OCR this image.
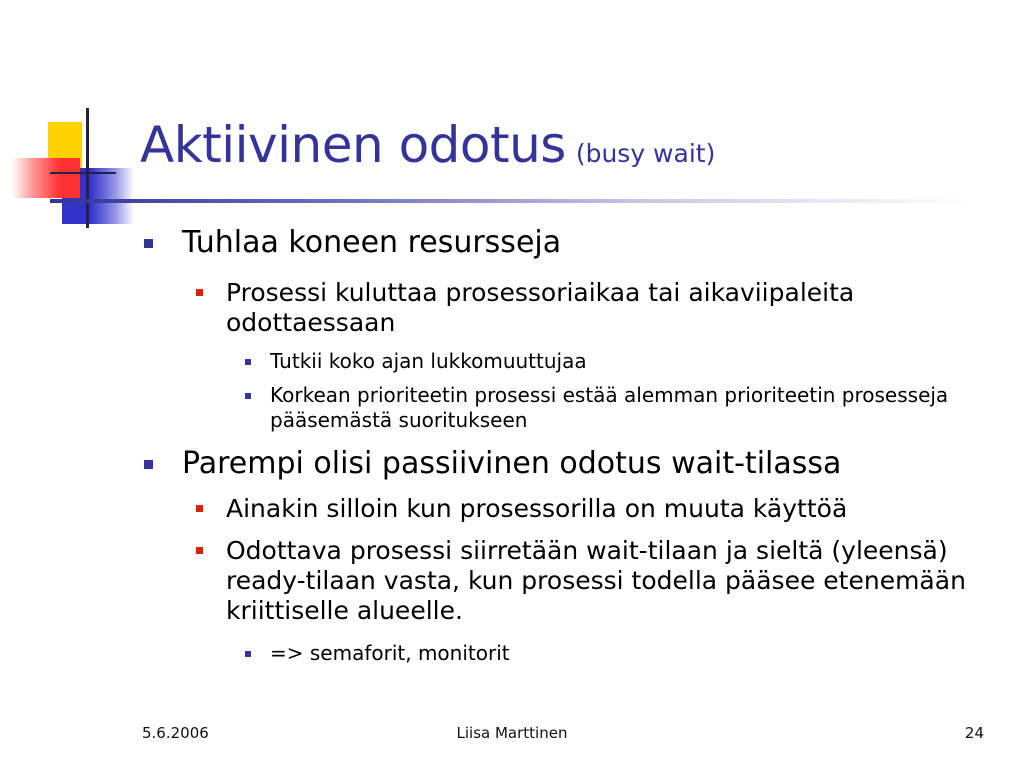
Aktiivinen odotus (busy wait)

Tuhlaa koneen resursseja

Prosessi kuluttaa prosessoriaikaa tai aikaviipaleita odottaessaan

Tutkii koko ajan lukkomuuttujaa

Korkean prioriteetin prosessi estää alemman prioriteetin prosesseja pääsemästä suoritukseen

Parempi olisi passiivinen odotus wait-tilassa

Ainakin silloin kun prosessorilla on muuta käyttöä

Odottava prosessi siirretään wait-tilaan ja sieltä (yleensä) ready-tilaan vasta, kun prosessi todella pääsee etenemään kriittiselle alueelle.

=> semaforit, monitorit

5.6.2006	Liisa Marttinen	24
